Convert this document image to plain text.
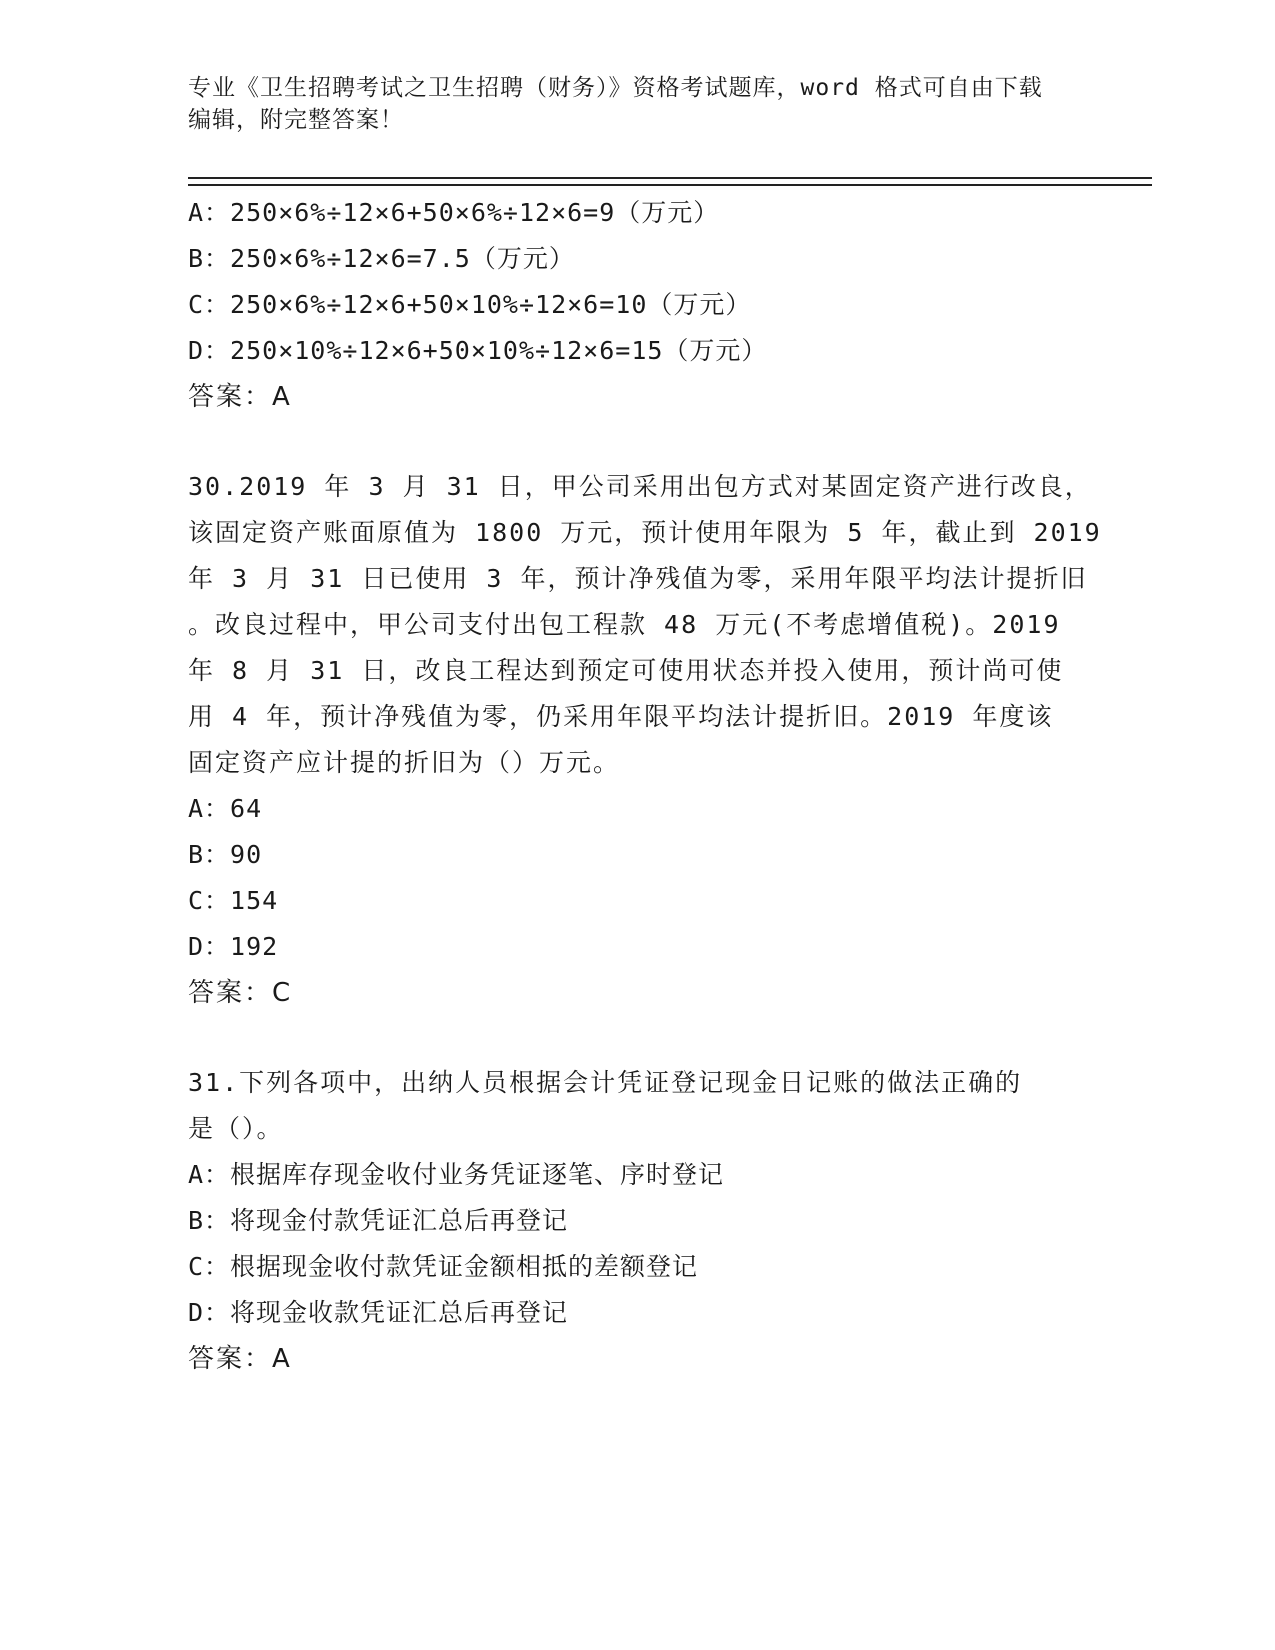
专业《卫生招聘考试之卫生招聘（财务）》资格考试题库，word 格式可自由下载
编辑，附完整答案！
A：250×6%÷12×6+50×6%÷12×6=9（万元）
B：250×6%÷12×6=7.5（万元）
C：250×6%÷12×6+50×10%÷12×6=10（万元）
D：250×10%÷12×6+50×10%÷12×6=15（万元）
答案：A
30.2019 年 3 月 31 日，甲公司采用出包方式对某固定资产进行改良，
该固定资产账面原值为 1800 万元，预计使用年限为 5 年，截止到 2019
年 3 月 31 日已使用 3 年，预计净残值为零，采用年限平均法计提折旧
。改良过程中，甲公司支付出包工程款 48 万元(不考虑增值税)。2019
年 8 月 31 日，改良工程达到预定可使用状态并投入使用，预计尚可使
用 4 年，预计净残值为零，仍采用年限平均法计提折旧。2019 年度该
固定资产应计提的折旧为（）万元。
A：64
B：90
C：154
D：192
答案：C
31.下列各项中，出纳人员根据会计凭证登记现金日记账的做法正确的
是（）。
A：根据库存现金收付业务凭证逐笔、序时登记
B：将现金付款凭证汇总后再登记
C：根据现金收付款凭证金额相抵的差额登记
D：将现金收款凭证汇总后再登记
答案：A
